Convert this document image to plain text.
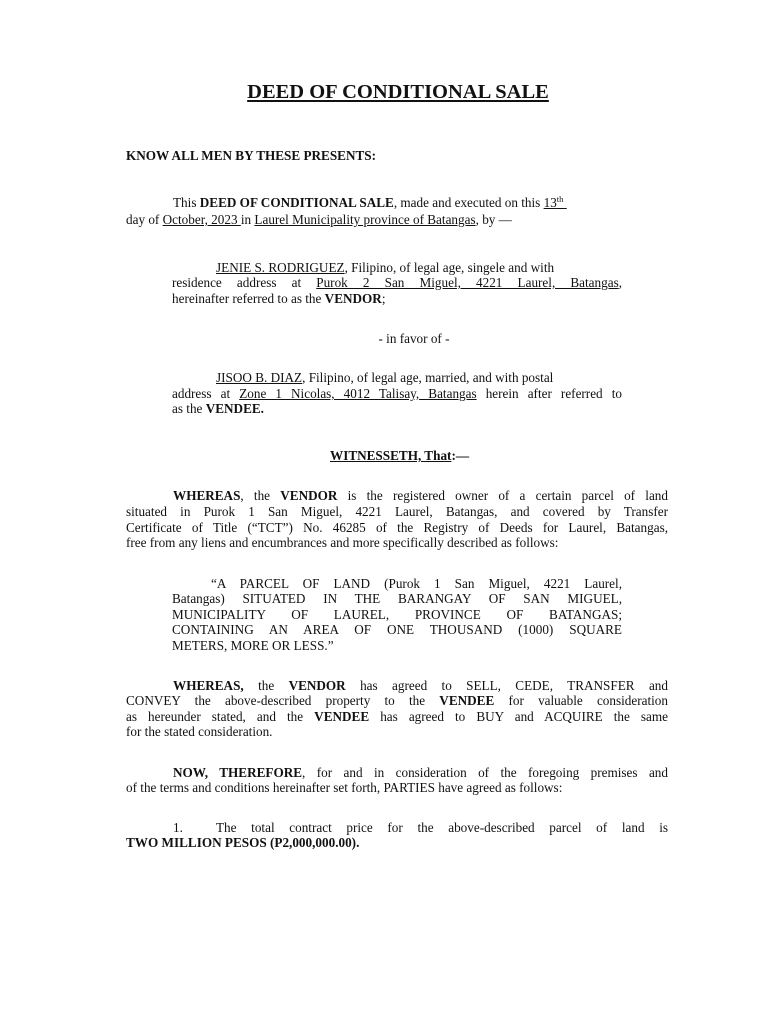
DEED OF CONDITIONAL SALE
KNOW ALL MEN BY THESE PRESENTS:
This DEED OF CONDITIONAL SALE, made and executed on this 13th
day of October, 2023 in Laurel Municipality province of Batangas, by —
JENIE S. RODRIGUEZ, Filipino, of legal age, singele and with
residence address at Purok 2 San Miguel, 4221 Laurel, Batangas,
hereinafter referred to as the VENDOR;
- in favor of -
JISOO B. DIAZ, Filipino, of legal age, married, and with postal
address at Zone 1 Nicolas, 4012 Talisay, Batangas herein after referred to
as the VENDEE.
WITNESSETH, That:—
WHEREAS, the VENDOR is the registered owner of a certain parcel of land
situated in Purok 1 San Miguel, 4221 Laurel, Batangas, and covered by Transfer
Certificate of Title (“TCT”) No. 46285 of the Registry of Deeds for Laurel, Batangas,
free from any liens and encumbrances and more specifically described as follows:
“A PARCEL OF LAND (Purok 1 San Miguel, 4221 Laurel,
Batangas) SITUATED IN THE BARANGAY OF SAN MIGUEL,
MUNICIPALITY OF LAUREL, PROVINCE OF BATANGAS;
CONTAINING AN AREA OF ONE THOUSAND (1000) SQUARE
METERS, MORE OR LESS.”
WHEREAS, the VENDOR has agreed to SELL, CEDE, TRANSFER and
CONVEY the above-described property to the VENDEE for valuable consideration
as hereunder stated, and the VENDEE has agreed to BUY and ACQUIRE the same
for the stated consideration.
NOW, THEREFORE, for and in consideration of the foregoing premises and
of the terms and conditions hereinafter set forth, PARTIES have agreed as follows:
1.	The total contract price for the above-described parcel of land is
TWO MILLION PESOS (P2,000,000.00).
